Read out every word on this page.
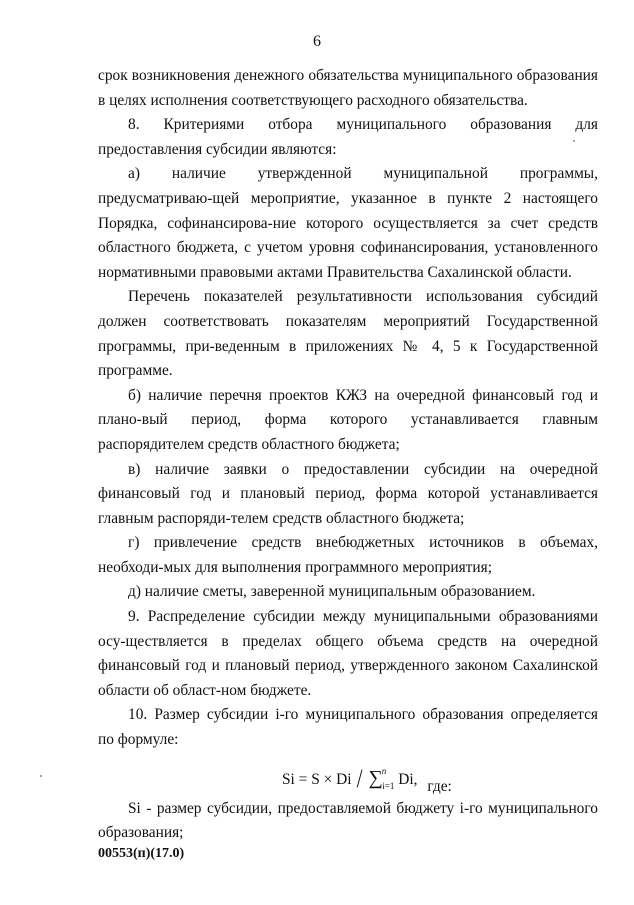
6

срок возникновения денежного обязательства муниципального образования в целях исполнения соответствующего расходного обязательства.

8. Критериями отбора муниципального образования для предоставления субсидии являются:

а) наличие утвержденной муниципальной программы, предусматриваю-щей мероприятие, указанное в пункте 2 настоящего Порядка, софинансирова-ние которого осуществляется за счет средств областного бюджета, с учетом уровня софинансирования, установленного нормативными правовыми актами Правительства Сахалинской области.

Перечень показателей результативности использования субсидий должен соответствовать показателям мероприятий Государственной программы, при-веденным в приложениях № 4, 5 к Государственной программе.

б) наличие перечня проектов КЖЗ на очередной финансовый год и плано-вый период, форма которого устанавливается главным распорядителем средств областного бюджета;

в) наличие заявки о предоставлении субсидии на очередной финансовый год и плановый период, форма которой устанавливается главным распоряди-телем средств областного бюджета;

г) привлечение средств внебюджетных источников в объемах, необходи-мых для выполнения программного мероприятия;

д) наличие сметы, заверенной муниципальным образованием.

9. Распределение субсидии между муниципальными образованиями осу-ществляется в пределах общего объема средств на очередной финансовый год и плановый период, утвержденного законом Сахалинской области об област-ном бюджете.

10. Размер субсидии i-го муниципального образования определяется по формуле:

Si = S × Di / ∑$^n_{i=1}$ Di, где:

Si - размер субсидии, предоставляемой бюджету i-го муниципального образования;

00553(п)(17.0)
